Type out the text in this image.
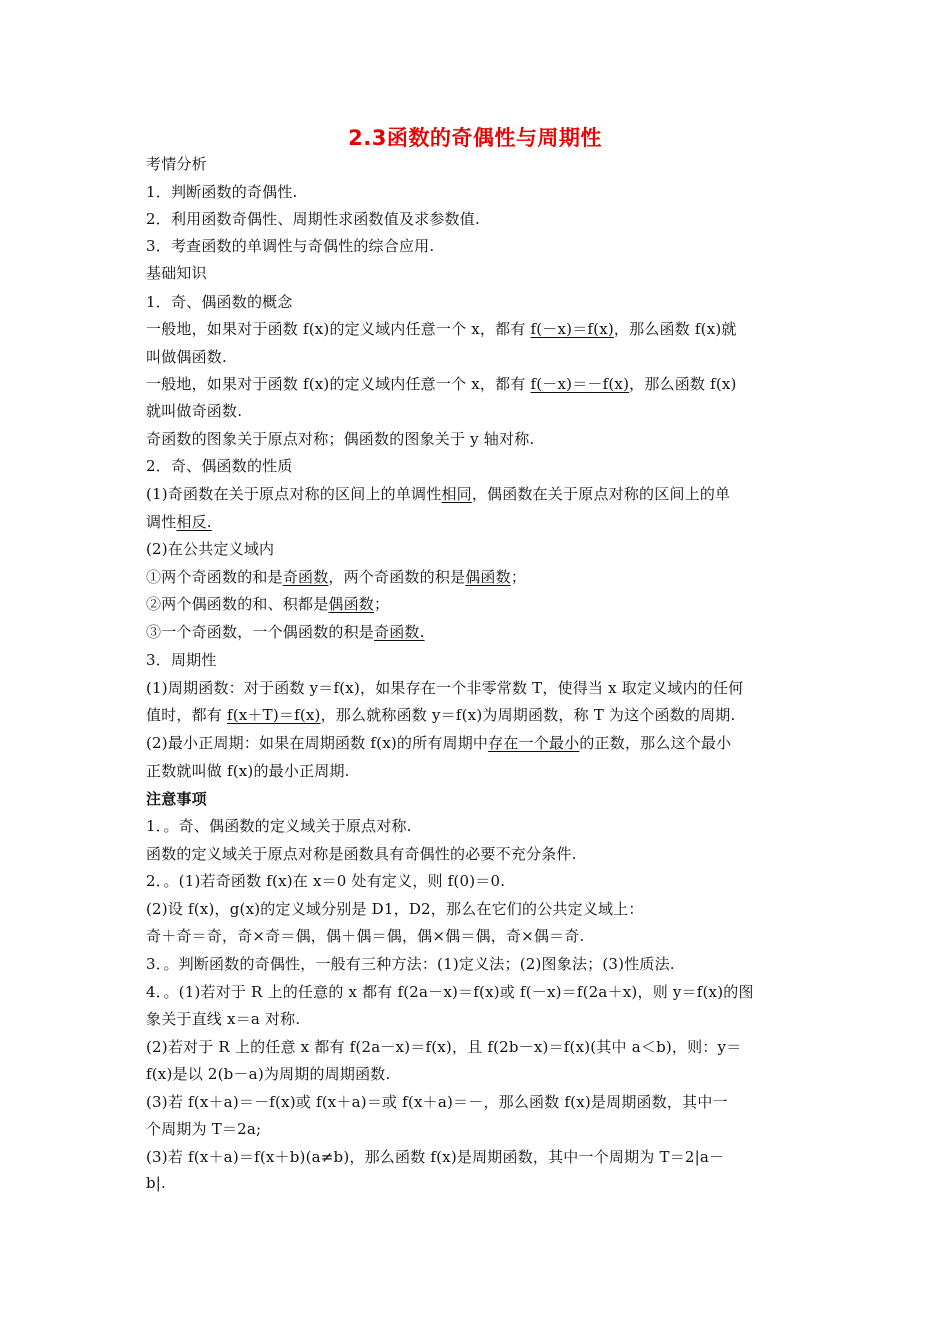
2.3函数的奇偶性与周期性
考情分析
1．判断函数的奇偶性.
2．利用函数奇偶性、周期性求函数值及求参数值.
3．考查函数的单调性与奇偶性的综合应用.
基础知识
1．奇、偶函数的概念
一般地，如果对于函数 f(x)的定义域内任意一个 x，都有 f(－x)＝f(x)，那么函数 f(x)就
叫做偶函数.
一般地，如果对于函数 f(x)的定义域内任意一个 x，都有 f(－x)＝－f(x)，那么函数 f(x)
就叫做奇函数.
奇函数的图象关于原点对称；偶函数的图象关于 y 轴对称.
2．奇、偶函数的性质
(1)奇函数在关于原点对称的区间上的单调性相同，偶函数在关于原点对称的区间上的单
调性相反.
(2)在公共定义域内
①两个奇函数的和是奇函数，两个奇函数的积是偶函数；
②两个偶函数的和、积都是偶函数；
③一个奇函数，一个偶函数的积是奇函数.
3．周期性
(1)周期函数：对于函数 y＝f(x)，如果存在一个非零常数 T，使得当 x 取定义域内的任何
值时，都有 f(x＋T)＝f(x)，那么就称函数 y＝f(x)为周期函数，称 T 为这个函数的周期.
(2)最小正周期：如果在周期函数 f(x)的所有周期中存在一个最小的正数，那么这个最小
正数就叫做 f(x)的最小正周期.
注意事项
1．。奇、偶函数的定义域关于原点对称.
函数的定义域关于原点对称是函数具有奇偶性的必要不充分条件.
2．。(1)若奇函数 f(x)在 x＝0 处有定义，则 f(0)＝0.
(2)设 f(x)，g(x)的定义域分别是 D1，D2，那么在它们的公共定义域上：
奇＋奇＝奇，奇×奇＝偶，偶＋偶＝偶，偶×偶＝偶，奇×偶＝奇.
3．。判断函数的奇偶性，一般有三种方法：(1)定义法；(2)图象法；(3)性质法.
4．。(1)若对于 R 上的任意的 x 都有 f(2a－x)＝f(x)或 f(－x)＝f(2a＋x)，则 y＝f(x)的图
象关于直线 x＝a 对称.
(2)若对于 R 上的任意 x 都有 f(2a－x)＝f(x)，且 f(2b－x)＝f(x)(其中 a＜b)，则：y＝
f(x)是以 2(b－a)为周期的周期函数.
(3)若 f(x＋a)＝－f(x)或 f(x＋a)＝或 f(x＋a)＝－，那么函数 f(x)是周期函数，其中一
个周期为 T＝2a;
(3)若 f(x＋a)＝f(x＋b)(a≠b)，那么函数 f(x)是周期函数，其中一个周期为 T＝2|a－
b|.
